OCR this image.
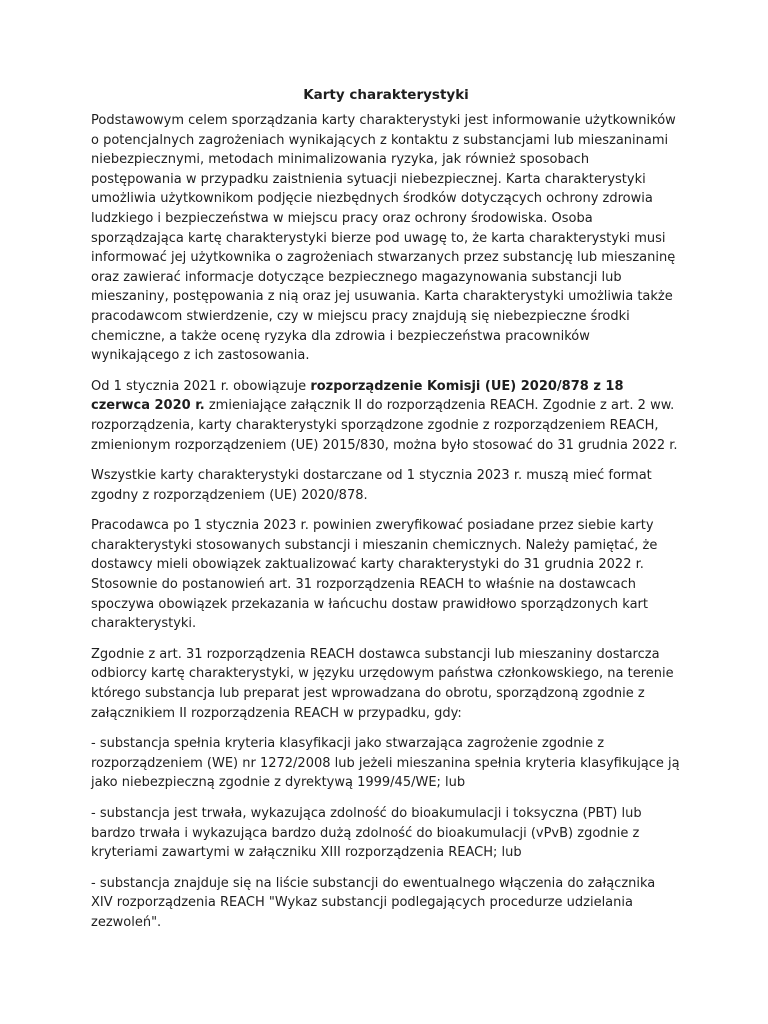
Karty charakterystyki

Podstawowym celem sporządzania karty charakterystyki jest informowanie użytkowników o potencjalnych zagrożeniach wynikających z kontaktu z substancjami lub mieszaninami niebezpiecznymi, metodach minimalizowania ryzyka, jak również sposobach postępowania w przypadku zaistnienia sytuacji niebezpiecznej. Karta charakterystyki umożliwia użytkownikom podjęcie niezbędnych środków dotyczących ochrony zdrowia ludzkiego i bezpieczeństwa w miejscu pracy oraz ochrony środowiska. Osoba sporządzająca kartę charakterystyki bierze pod uwagę to, że karta charakterystyki musi informować jej użytkownika o zagrożeniach stwarzanych przez substancję lub mieszaninę oraz zawierać informacje dotyczące bezpiecznego magazynowania substancji lub mieszaniny, postępowania z nią oraz jej usuwania. Karta charakterystyki umożliwia także pracodawcom stwierdzenie, czy w miejscu pracy znajdują się niebezpieczne środki chemiczne, a także ocenę ryzyka dla zdrowia i bezpieczeństwa pracowników wynikającego z ich zastosowania.

Od 1 stycznia 2021 r. obowiązuje rozporządzenie Komisji (UE) 2020/878 z 18 czerwca 2020 r. zmieniające załącznik II do rozporządzenia REACH. Zgodnie z art. 2 ww. rozporządzenia, karty charakterystyki sporządzone zgodnie z rozporządzeniem REACH, zmienionym rozporządzeniem (UE) 2015/830, można było stosować do 31 grudnia 2022 r.

Wszystkie karty charakterystyki dostarczane od 1 stycznia 2023 r. muszą mieć format zgodny z rozporządzeniem (UE) 2020/878.

Pracodawca po 1 stycznia 2023 r. powinien zweryfikować posiadane przez siebie karty charakterystyki stosowanych substancji i mieszanin chemicznych. Należy pamiętać, że dostawcy mieli obowiązek zaktualizować karty charakterystyki do 31 grudnia 2022 r. Stosownie do postanowień art. 31 rozporządzenia REACH to właśnie na dostawcach spoczywa obowiązek przekazania w łańcuchu dostaw prawidłowo sporządzonych kart charakterystyki.

Zgodnie z art. 31 rozporządzenia REACH dostawca substancji lub mieszaniny dostarcza odbiorcy kartę charakterystyki, w języku urzędowym państwa członkowskiego, na terenie którego substancja lub preparat jest wprowadzana do obrotu, sporządzoną zgodnie z załącznikiem II rozporządzenia REACH w przypadku, gdy:

- substancja spełnia kryteria klasyfikacji jako stwarzająca zagrożenie zgodnie z rozporządzeniem (WE) nr 1272/2008 lub jeżeli mieszanina spełnia kryteria klasyfikujące ją jako niebezpieczną zgodnie z dyrektywą 1999/45/WE; lub

- substancja jest trwała, wykazująca zdolność do bioakumulacji i toksyczna (PBT) lub bardzo trwała i wykazująca bardzo dużą zdolność do bioakumulacji (vPvB) zgodnie z kryteriami zawartymi w załączniku XIII rozporządzenia REACH; lub

- substancja znajduje się na liście substancji do ewentualnego włączenia do załącznika XIV rozporządzenia REACH "Wykaz substancji podlegających procedurze udzielania zezwoleń".
